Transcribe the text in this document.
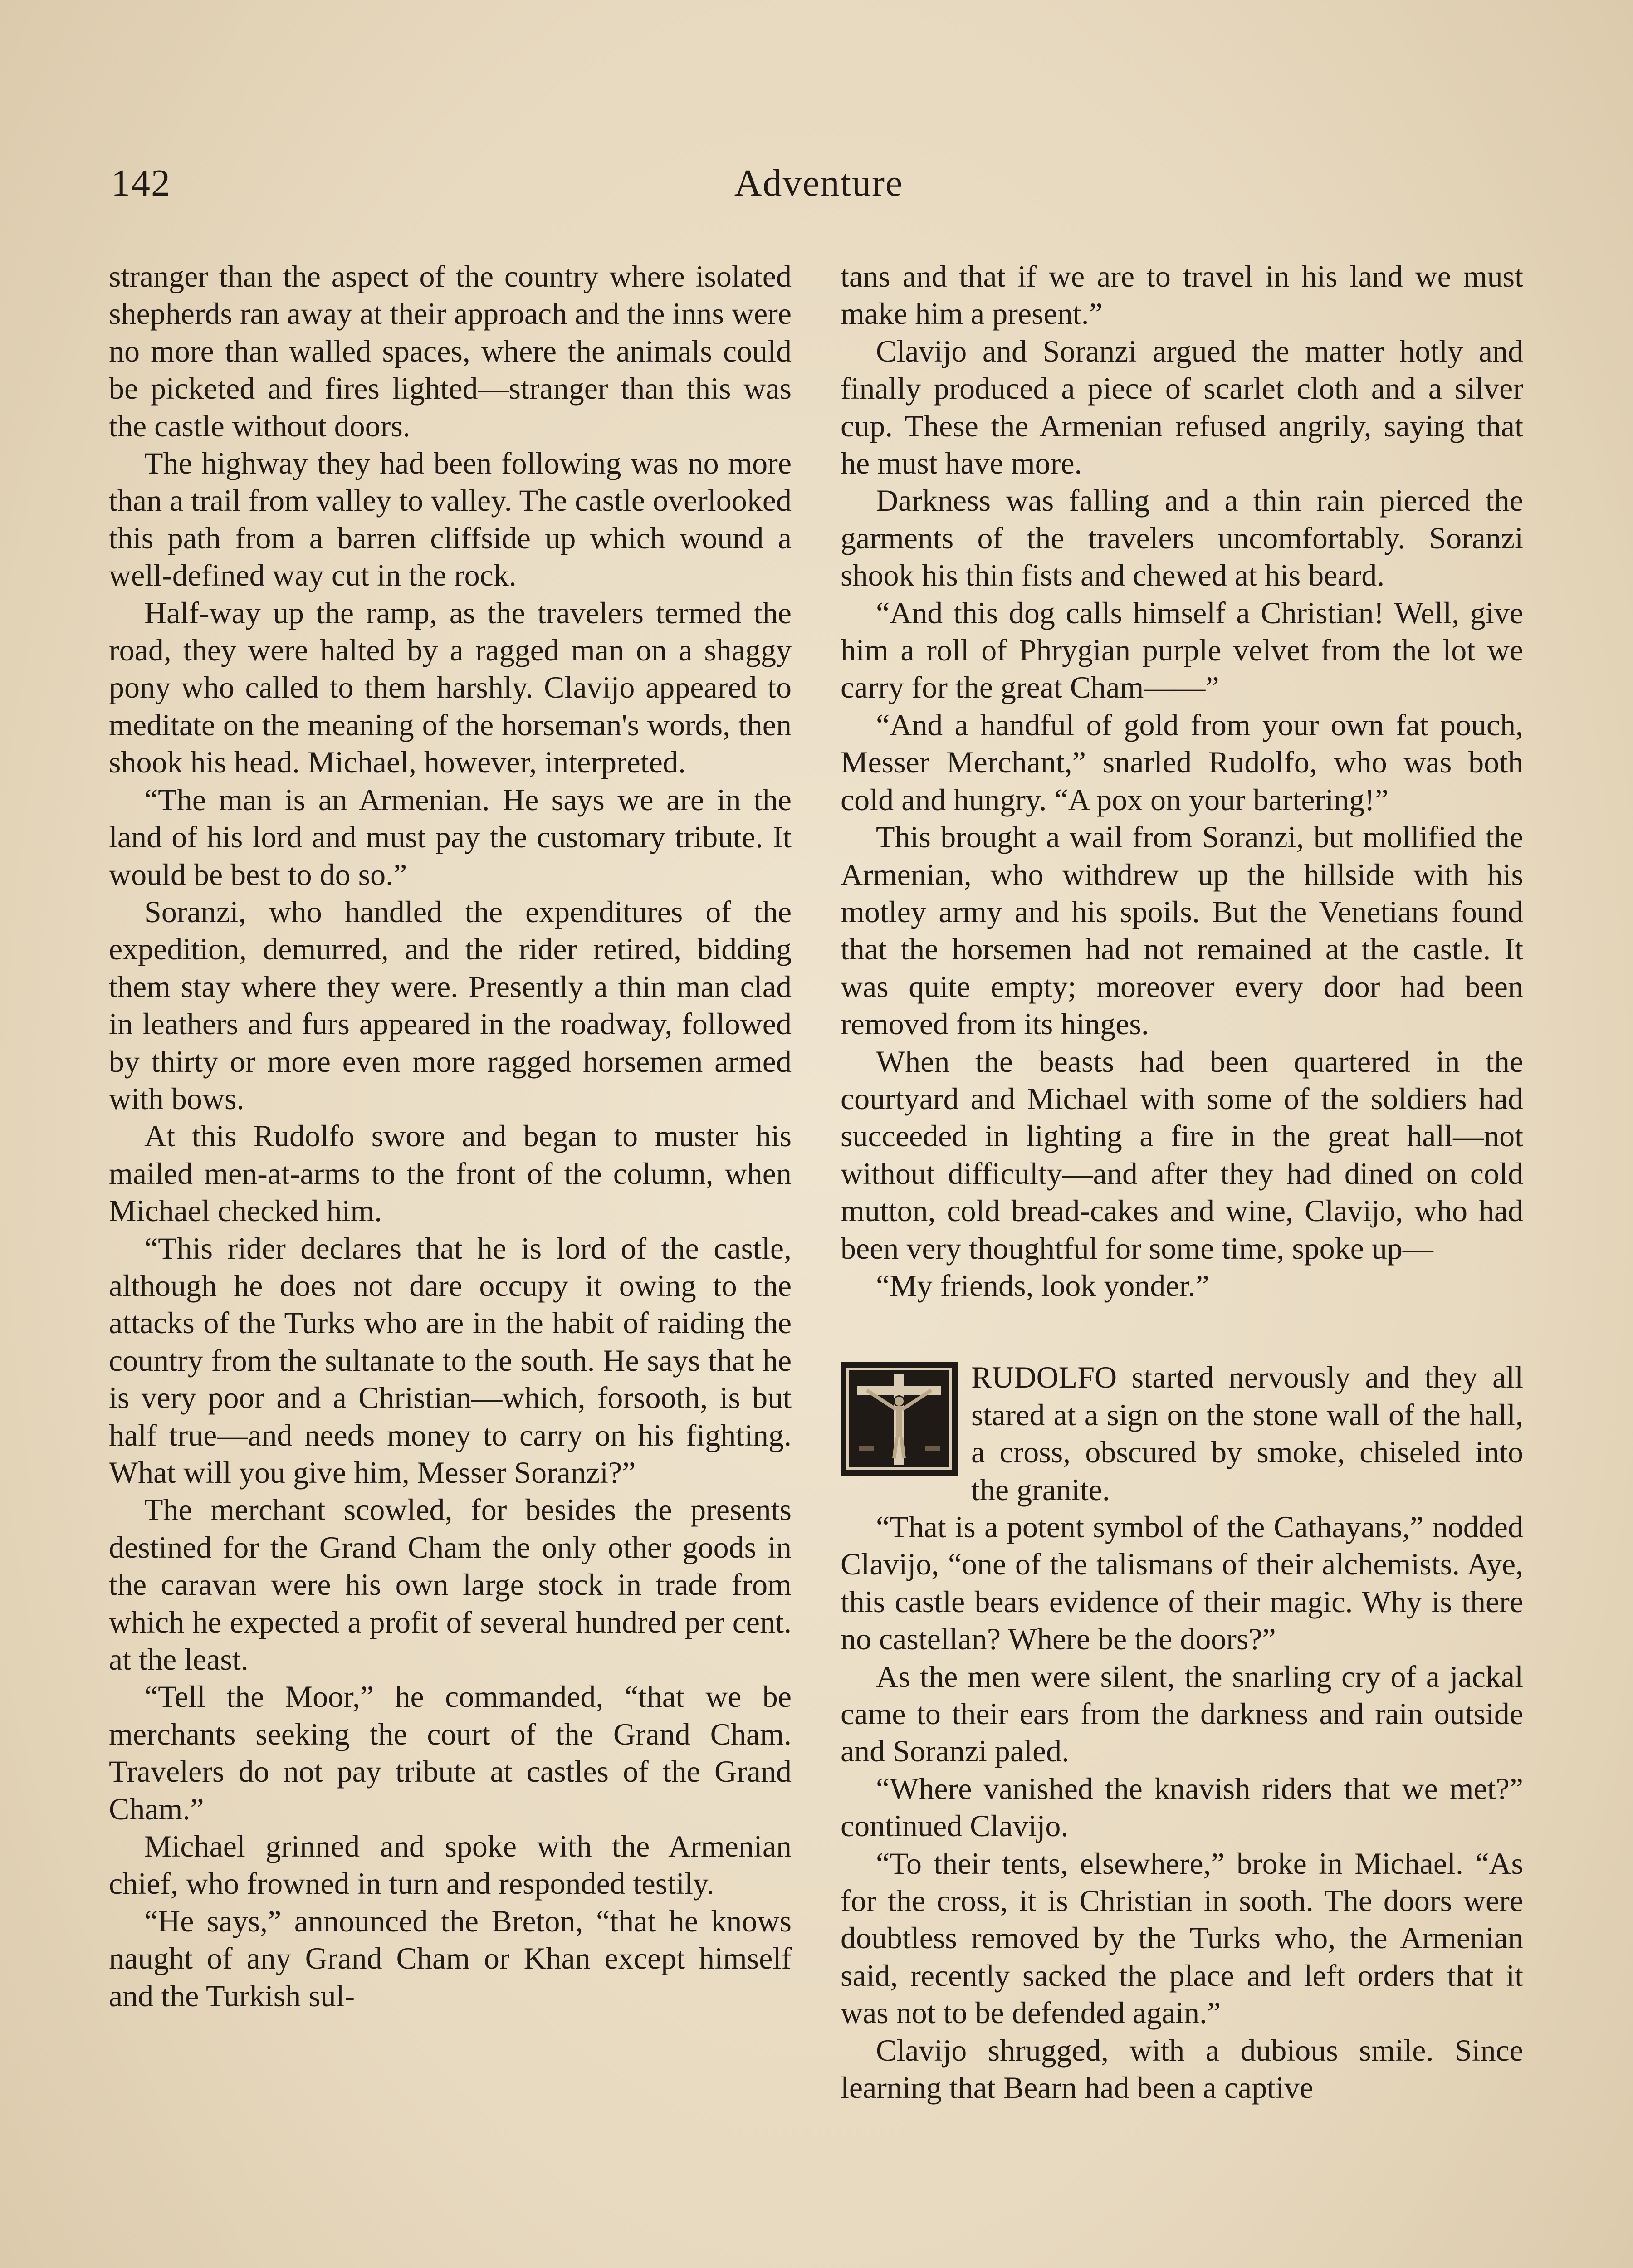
142	Adventure

stranger than the aspect of the country where isolated shepherds ran away at their approach and the inns were no more than walled spaces, where the animals could be picketed and fires lighted—stranger than this was the castle without doors.

The highway they had been following was no more than a trail from valley to valley. The castle overlooked this path from a barren cliffside up which wound a well-defined way cut in the rock.

Half-way up the ramp, as the travelers termed the road, they were halted by a ragged man on a shaggy pony who called to them harshly. Clavijo appeared to meditate on the meaning of the horseman's words, then shook his head. Michael, however, interpreted.

“The man is an Armenian. He says we are in the land of his lord and must pay the customary tribute. It would be best to do so.”

Soranzi, who handled the expenditures of the expedition, demurred, and the rider retired, bidding them stay where they were. Presently a thin man clad in leathers and furs appeared in the roadway, followed by thirty or more even more ragged horsemen armed with bows.

At this Rudolfo swore and began to muster his mailed men-at-arms to the front of the column, when Michael checked him.

“This rider declares that he is lord of the castle, although he does not dare occupy it owing to the attacks of the Turks who are in the habit of raiding the country from the sultanate to the south. He says that he is very poor and a Christian—which, forsooth, is but half true—and needs money to carry on his fighting. What will you give him, Messer Soranzi?”

The merchant scowled, for besides the presents destined for the Grand Cham the only other goods in the caravan were his own large stock in trade from which he expected a profit of several hundred per cent. at the least.

“Tell the Moor,” he commanded, “that we be merchants seeking the court of the Grand Cham. Travelers do not pay tribute at castles of the Grand Cham.”

Michael grinned and spoke with the Armenian chief, who frowned in turn and responded testily.

“He says,” announced the Breton, “that he knows naught of any Grand Cham or Khan except himself and the Turkish sul-

tans and that if we are to travel in his land we must make him a present.”

Clavijo and Soranzi argued the matter hotly and finally produced a piece of scarlet cloth and a silver cup. These the Armenian refused angrily, saying that he must have more.

Darkness was falling and a thin rain pierced the garments of the travelers uncomfortably. Soranzi shook his thin fists and chewed at his beard.

“And this dog calls himself a Christian! Well, give him a roll of Phrygian purple velvet from the lot we carry for the great Cham——”

“And a handful of gold from your own fat pouch, Messer Merchant,” snarled Rudolfo, who was both cold and hungry. “A pox on your bartering!”

This brought a wail from Soranzi, but mollified the Armenian, who withdrew up the hillside with his motley army and his spoils. But the Venetians found that the horsemen had not remained at the castle. It was quite empty; moreover every door had been removed from its hinges.

When the beasts had been quartered in the courtyard and Michael with some of the soldiers had succeeded in lighting a fire in the great hall—not without difficulty—and after they had dined on cold mutton, cold bread-cakes and wine, Clavijo, who had been very thoughtful for some time, spoke up—

“My friends, look yonder.”

RUDOLFO started nervously and they all stared at a sign on the stone wall of the hall, a cross, obscured by smoke, chiseled into the granite.

“That is a potent symbol of the Cathayans,” nodded Clavijo, “one of the talismans of their alchemists. Aye, this castle bears evidence of their magic. Why is there no castellan? Where be the doors?”

As the men were silent, the snarling cry of a jackal came to their ears from the darkness and rain outside and Soranzi paled.

“Where vanished the knavish riders that we met?” continued Clavijo.

“To their tents, elsewhere,” broke in Michael. “As for the cross, it is Christian in sooth. The doors were doubtless removed by the Turks who, the Armenian said, recently sacked the place and left orders that it was not to be defended again.”

Clavijo shrugged, with a dubious smile. Since learning that Bearn had been a captive
